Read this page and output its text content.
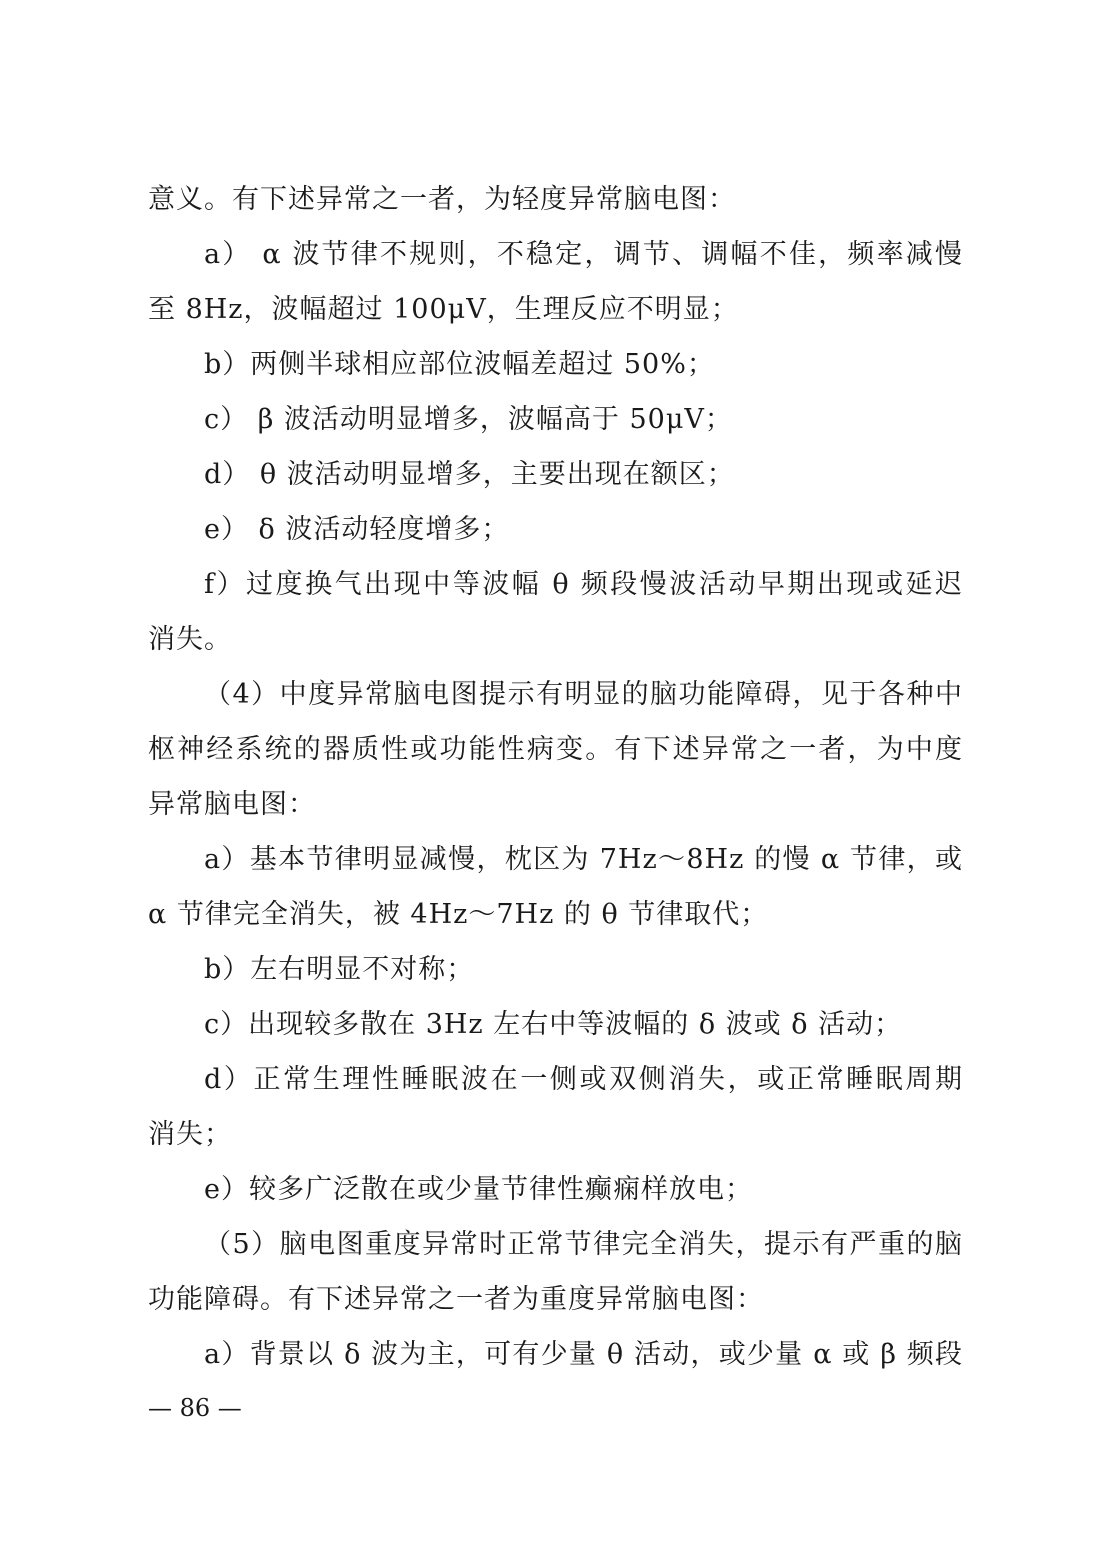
意义。有下述异常之一者，为轻度异常脑电图：
a） α 波节律不规则，不稳定，调节、调幅不佳，频率减慢
至 8Hz，波幅超过 100μV，生理反应不明显；
b）两侧半球相应部位波幅差超过 50%；
c） β 波活动明显增多，波幅高于 50μV；
d） θ 波活动明显增多，主要出现在额区；
e） δ 波活动轻度增多；
f）过度换气出现中等波幅 θ 频段慢波活动早期出现或延迟
消失。
（4）中度异常脑电图提示有明显的脑功能障碍，见于各种中
枢神经系统的器质性或功能性病变。有下述异常之一者，为中度
异常脑电图：
a）基本节律明显减慢，枕区为 7Hz～8Hz 的慢 α 节律，或
α 节律完全消失，被 4Hz～7Hz 的 θ 节律取代；
b）左右明显不对称；
c）出现较多散在 3Hz 左右中等波幅的 δ 波或 δ 活动；
d）正常生理性睡眠波在一侧或双侧消失，或正常睡眠周期
消失；
e）较多广泛散在或少量节律性癫痫样放电；
（5）脑电图重度异常时正常节律完全消失，提示有严重的脑
功能障碍。有下述异常之一者为重度异常脑电图：
a）背景以 δ 波为主，可有少量 θ 活动，或少量 α 或 β 频段
— 86 —
